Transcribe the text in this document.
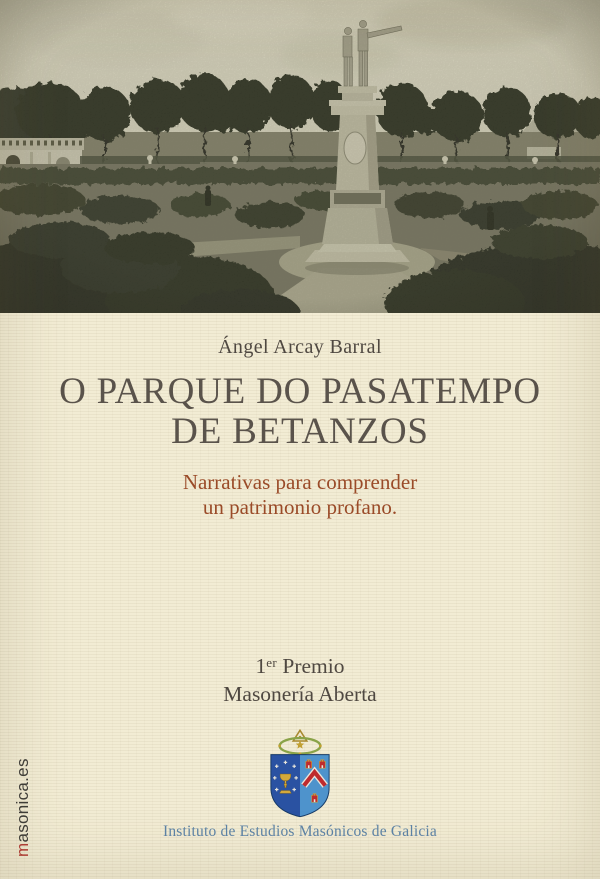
Ángel Arcay Barral
O PARQUE DO PASATEMPO
DE BETANZOS
Narrativas para comprender
un patrimonio profano.
1er Premio
Masonería Aberta
Instituto de Estudios Masónicos de Galicia
masonica.es
